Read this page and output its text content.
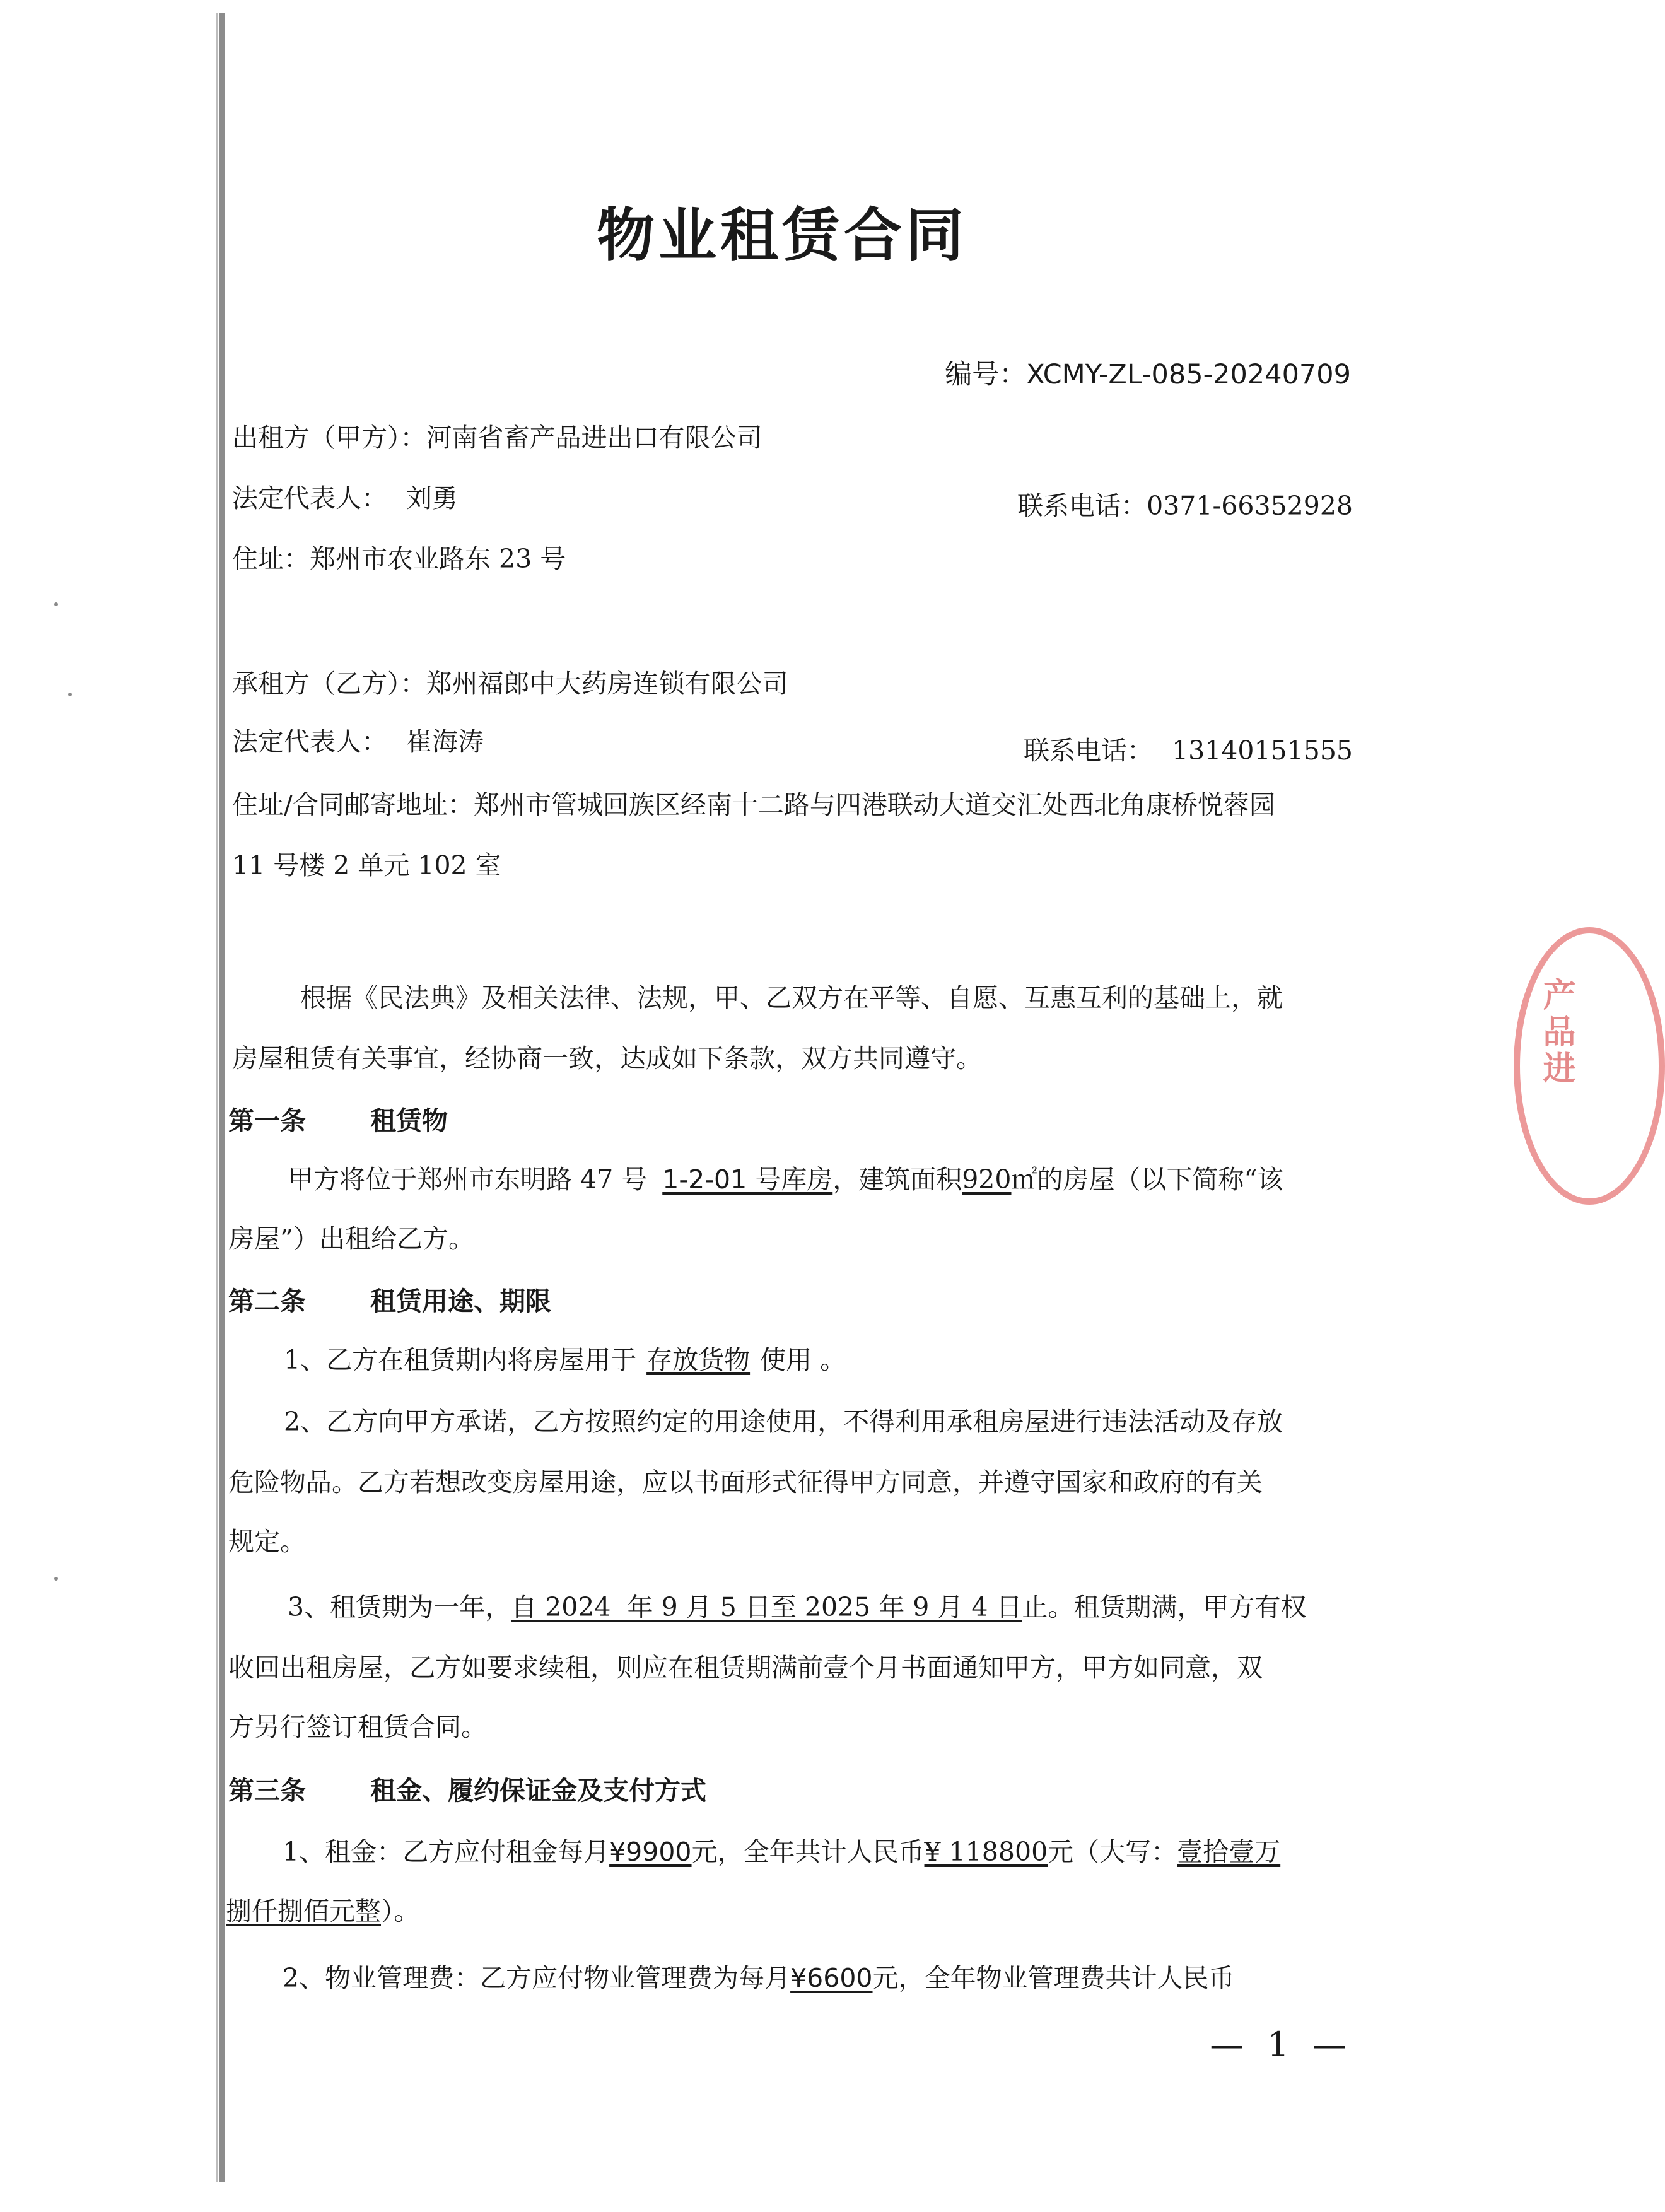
物业租赁合同
编号：XCMY-ZL-085-20240709
出租方（甲方）：河南省畜产品进出口有限公司
法定代表人： 刘勇	联系电话：0371-66352928
住址：郑州市农业路东 23 号
承租方（乙方）：郑州福郎中大药房连锁有限公司
法定代表人： 崔海涛	联系电话： 13140151555
住址/合同邮寄地址：郑州市管城回族区经南十二路与四港联动大道交汇处西北角康桥悦蓉园
11 号楼 2 单元 102 室
根据《民法典》及相关法律、法规，甲、乙双方在平等、自愿、互惠互利的基础上，就
房屋租赁有关事宜，经协商一致，达成如下条款，双方共同遵守。
第一条 租赁物
甲方将位于郑州市东明路 47 号 1-2-01 号库房，建筑面积920㎡的房屋（以下简称“该
房屋”）出租给乙方。
第二条 租赁用途、期限
1、乙方在租赁期内将房屋用于 存放货物 使用 。
2、乙方向甲方承诺，乙方按照约定的用途使用，不得利用承租房屋进行违法活动及存放
危险物品。乙方若想改变房屋用途，应以书面形式征得甲方同意，并遵守国家和政府的有关
规定。
3、租赁期为一年，自 2024  年 9 月 5 日至 2025 年 9 月 4 日止。租赁期满，甲方有权
收回出租房屋，乙方如要求续租，则应在租赁期满前壹个月书面通知甲方，甲方如同意，双
方另行签订租赁合同。
第三条 租金、履约保证金及支付方式
1、租金：乙方应付租金每月¥9900元，全年共计人民币¥ 118800元（大写：壹拾壹万
捌仟捌佰元整）。
2、物业管理费：乙方应付物业管理费为每月¥6600元，全年物业管理费共计人民币
— 1 —
产品进
